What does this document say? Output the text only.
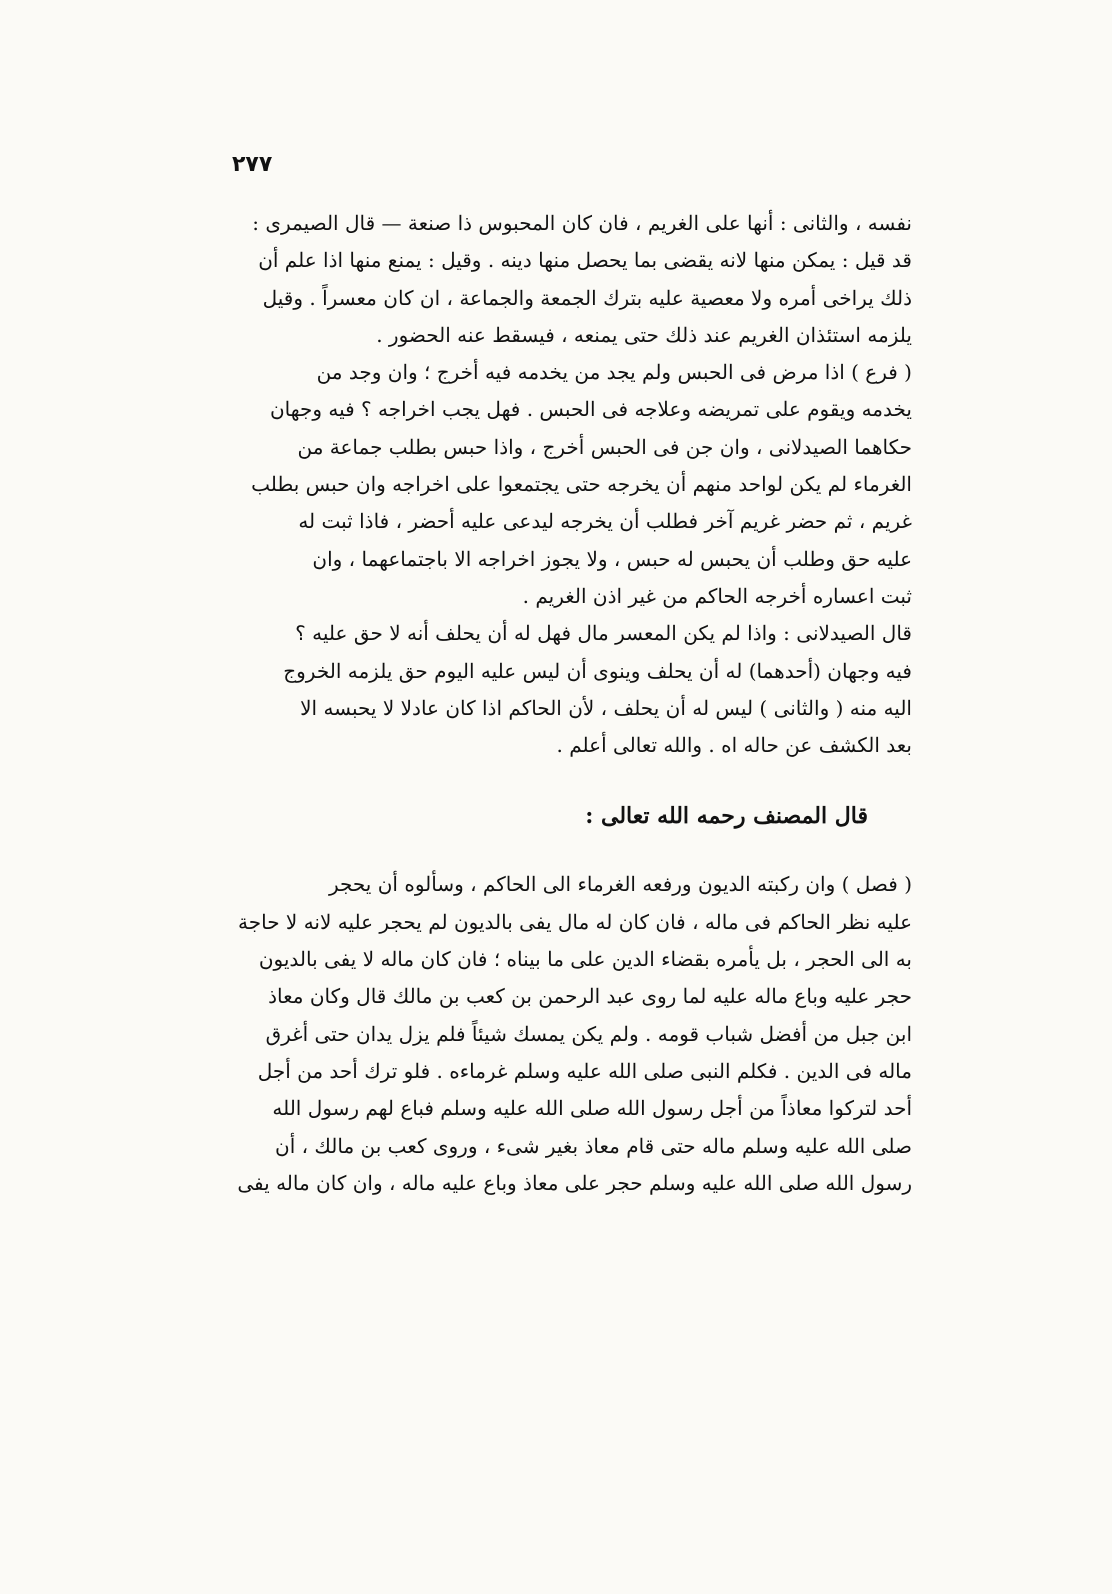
٢٧٧
نفسه ، والثانى : أنها على الغريم ، فان كان المحبوس ذا صنعة — قال الصيمرى :
قد قيل : يمكن منها لانه يقضى بما يحصل منها دينه . وقيل : يمنع منها اذا علم أن
ذلك يراخى أمره ولا معصية عليه بترك الجمعة والجماعة ، ان كان معسراً . وقيل
يلزمه استئذان الغريم عند ذلك حتى يمنعه ، فيسقط عنه الحضور .
( فرع ) اذا مرض فى الحبس ولم يجد من يخدمه فيه أخرج ؛ وان وجد من
يخدمه ويقوم على تمريضه وعلاجه فى الحبس . فهل يجب اخراجه ؟ فيه وجهان
حكاهما الصيدلانى ، وان جن فى الحبس أخرج ، واذا حبس بطلب جماعة من
الغرماء لم يكن لواحد منهم أن يخرجه حتى يجتمعوا على اخراجه وان حبس بطلب
غريم ، ثم حضر غريم آخر فطلب أن يخرجه ليدعى عليه أحضر ، فاذا ثبت له
عليه حق وطلب أن يحبس له حبس ، ولا يجوز اخراجه الا باجتماعهما ، وان
ثبت اعساره أخرجه الحاكم من غير اذن الغريم .
قال الصيدلانى : واذا لم يكن المعسر مال فهل له أن يحلف أنه لا حق عليه ؟
فيه وجهان (أحدهما) له أن يحلف وينوى أن ليس عليه اليوم حق يلزمه الخروج
اليه منه ( والثانى ) ليس له أن يحلف ، لأن الحاكم اذا كان عادلا لا يحبسه الا
بعد الكشف عن حاله اه . والله تعالى أعلم .
قال المصنف رحمه الله تعالى :
( فصل ) وان ركبته الديون ورفعه الغرماء الى الحاكم ، وسألوه أن يحجر
عليه نظر الحاكم فى ماله ، فان كان له مال يفى بالديون لم يحجر عليه لانه لا حاجة
به الى الحجر ، بل يأمره بقضاء الدين على ما بيناه ؛ فان كان ماله لا يفى بالديون
حجر عليه وباع ماله عليه لما روى عبد الرحمن بن كعب بن مالك قال وكان معاذ
ابن جبل من أفضل شباب قومه . ولم يكن يمسك شيئاً فلم يزل يدان حتى أغرق
ماله فى الدين . فكلم النبى صلى الله عليه وسلم غرماءه . فلو ترك أحد من أجل
أحد لتركوا معاذاً من أجل رسول الله صلى الله عليه وسلم فباع لهم رسول الله
صلى الله عليه وسلم ماله حتى قام معاذ بغير شىء ، وروى كعب بن مالك ، أن
رسول الله صلى الله عليه وسلم حجر على معاذ وباع عليه ماله ، وان كان ماله يفى
